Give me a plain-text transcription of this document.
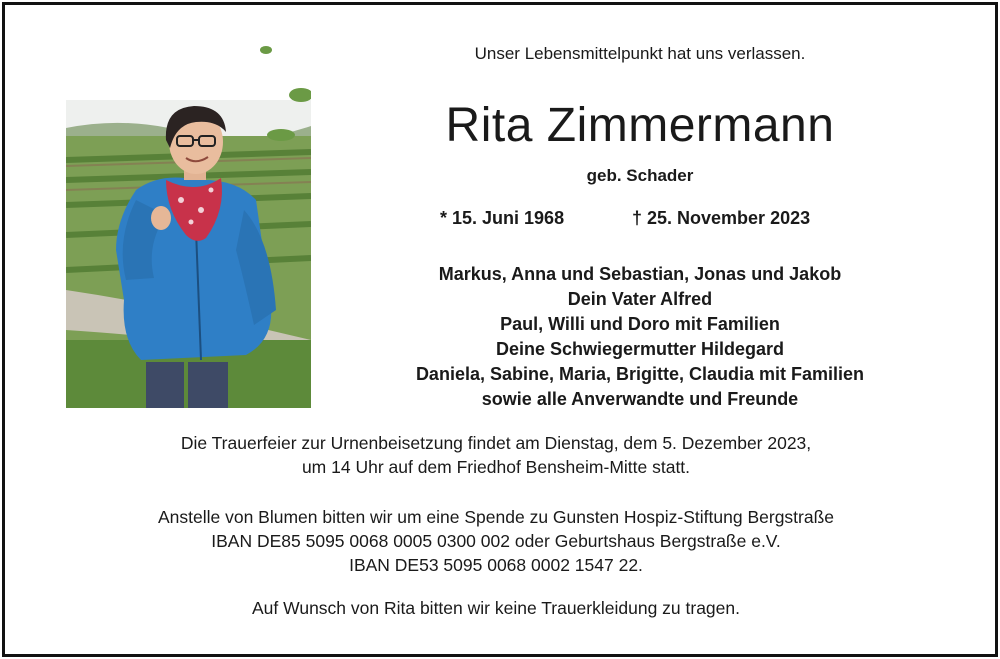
Unser Lebensmittelpunkt hat uns verlassen.
Rita Zimmermann
geb. Schader
* 15. Juni 1968	† 25. November 2023
Markus, Anna und Sebastian, Jonas und Jakob
Dein Vater Alfred
Paul, Willi und Doro mit Familien
Deine Schwiegermutter Hildegard
Daniela, Sabine, Maria, Brigitte, Claudia mit Familien
sowie alle Anverwandte und Freunde
Die Trauerfeier zur Urnenbeisetzung findet am Dienstag, dem 5. Dezember 2023,
um 14 Uhr auf dem Friedhof Bensheim-Mitte statt.
Anstelle von Blumen bitten wir um eine Spende zu Gunsten Hospiz-Stiftung Bergstraße
IBAN DE85 5095 0068 0005 0300 002 oder Geburtshaus Bergstraße e.V.
IBAN DE53 5095 0068 0002 1547 22.
Auf Wunsch von Rita bitten wir keine Trauerkleidung zu tragen.
